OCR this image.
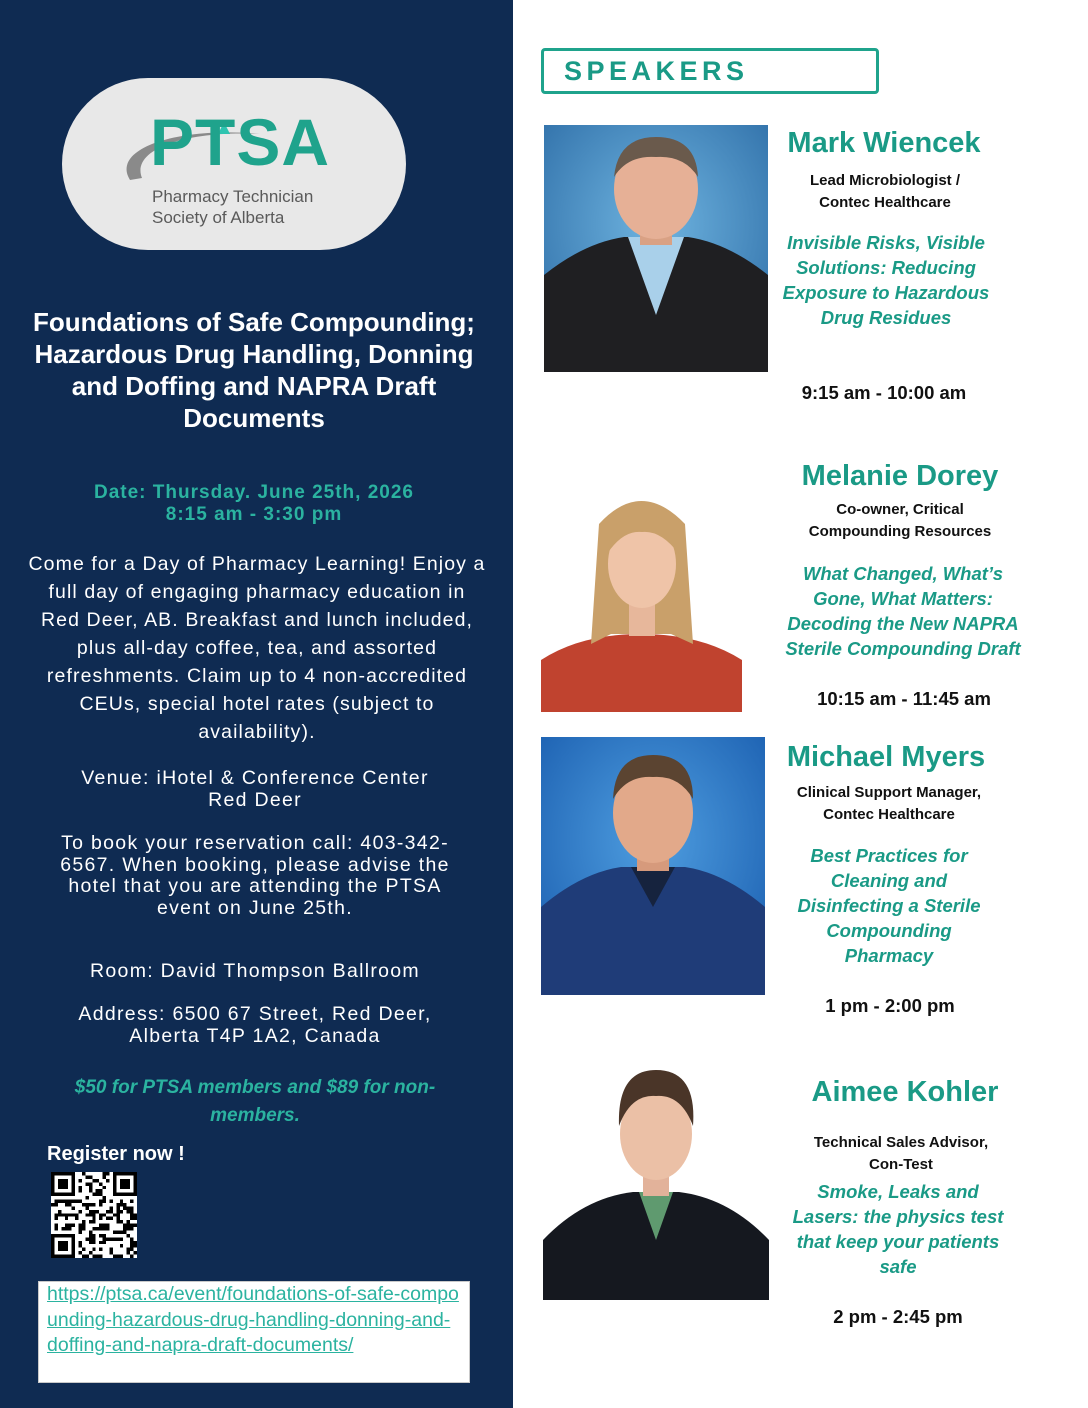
PTSA
Pharmacy Technician
Society of Alberta
Foundations of Safe Compounding; Hazardous Drug Handling, Donning and Doffing and NAPRA Draft Documents
Date: Thursday. June 25th, 2026
8:15 am - 3:30 pm
Come for a Day of Pharmacy Learning! Enjoy a full day of engaging pharmacy education in Red Deer, AB. Breakfast and lunch included, plus all-day coffee, tea, and assorted refreshments. Claim up to 4 non-accredited CEUs, special hotel rates (subject to availability).
Venue: iHotel & Conference Center Red Deer
To book your reservation call: 403-342-6567. When booking, please advise the hotel that you are attending the PTSA event on June 25th.
Room: David Thompson Ballroom
Address: 6500 67 Street, Red Deer, Alberta T4P 1A2, Canada
$50 for PTSA members and $89 for non-members.
Register now !
https://ptsa.ca/event/foundations-of-safe-compounding-hazardous-drug-handling-donning-and-doffing-and-napra-draft-documents/
SPEAKERS
Mark Wiencek
Lead Microbiologist / Contec Healthcare
Invisible Risks, Visible Solutions: Reducing Exposure to Hazardous Drug Residues
9:15 am - 10:00 am
Melanie Dorey
Co-owner, Critical Compounding Resources
What Changed, What’s Gone, What Matters: Decoding the New NAPRA Sterile Compounding Draft
10:15 am - 11:45 am
Michael Myers
Clinical Support Manager, Contec Healthcare
Best Practices for Cleaning and Disinfecting a Sterile Compounding Pharmacy
1 pm - 2:00 pm
Aimee Kohler
Technical Sales Advisor, Con-Test
Smoke, Leaks and Lasers: the physics test that keep your patients safe
2 pm - 2:45 pm
